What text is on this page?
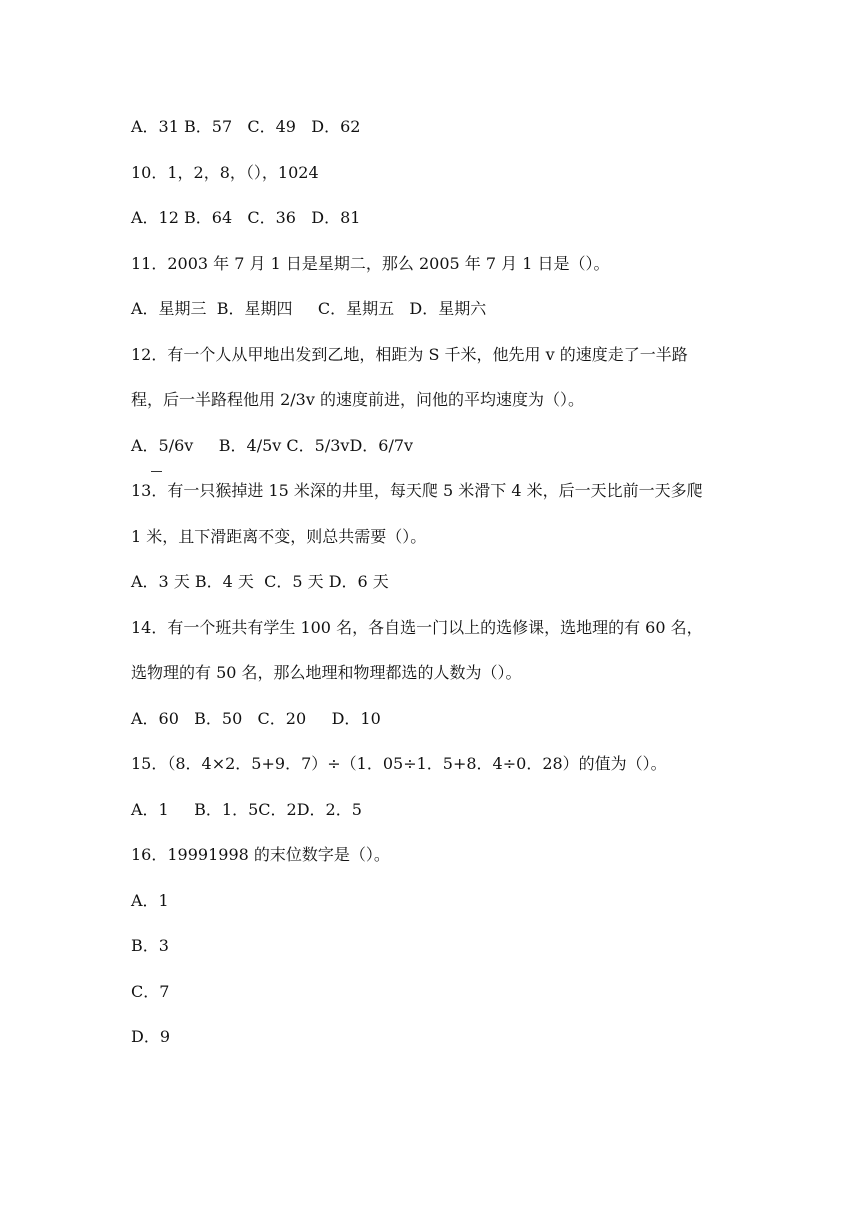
A．31 B．57   C．49   D．62
10．1，2，8，（），1024
A．12 B．64   C．36   D．81
11．2003 年 7 月 1 日是星期二，那么 2005 年 7 月 1 日是（）。
A．星期三  B．星期四     C．星期五   D．星期六
12．有一个人从甲地出发到乙地，相距为 S 千米，他先用 v 的速度走了一半路
程，后一半路程他用 2/3v 的速度前进，问他的平均速度为（）。
A．5/6v     B．4/5v C．5/3vD．6/7v
13．有一只猴掉进 15 米深的井里，每天爬 5 米滑下 4 米，后一天比前一天多爬
1 米，且下滑距离不变，则总共需要（）。
A．3 天 B．4 天  C．5 天 D．6 天
14．有一个班共有学生 100 名，各自选一门以上的选修课，选地理的有 60 名，
选物理的有 50 名，那么地理和物理都选的人数为（）。
A．60   B．50   C．20     D．10
15．（8．4×2．5+9．7）÷（1．05÷1．5+8．4÷0．28）的值为（）。
A．1     B．1．5C．2D．2．5
16．19991998 的末位数字是（）。
A．1
B．3
C．7
D．9
